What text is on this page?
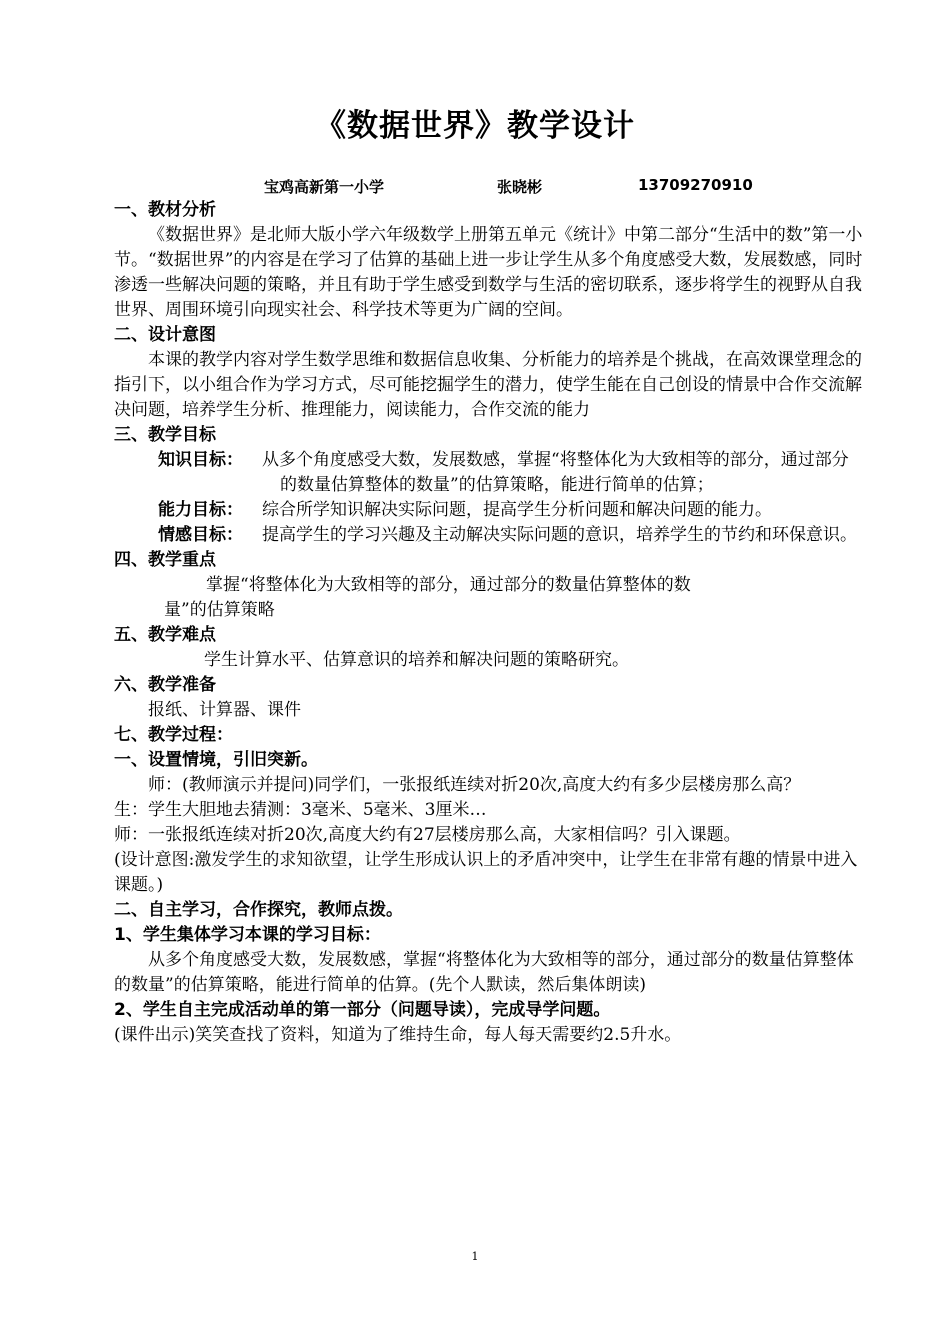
《数据世界》教学设计
宝鸡高新第一小学	张晓彬	13709270910

一、教材分析

《数据世界》是北师大版小学六年级数学上册第五单元《统计》中第二部分“生活中的数”第一小节。“数据世界”的内容是在学习了估算的基础上进一步让学生从多个角度感受大数，发展数感，同时渗透一些解决问题的策略，并且有助于学生感受到数学与生活的密切联系，逐步将学生的视野从自我世界、周围环境引向现实社会、科学技术等更为广阔的空间。

二、设计意图

本课的教学内容对学生数学思维和数据信息收集、分析能力的培养是个挑战，在高效课堂理念的指引下，以小组合作为学习方式，尽可能挖掘学生的潜力，使学生能在自己创设的情景中合作交流解决问题，培养学生分析、推理能力，阅读能力，合作交流的能力

三、教学目标

知识目标： 从多个角度感受大数，发展数感，掌握“将整体化为大致相等的部分，通过部分的数量估算整体的数量”的估算策略，能进行简单的估算；
能力目标： 综合所学知识解决实际问题，提高学生分析问题和解决问题的能力。
情感目标： 提高学生的学习兴趣及主动解决实际问题的意识，培养学生的节约和环保意识。

四、教学重点

掌握“将整体化为大致相等的部分，通过部分的数量估算整体的数

量”的估算策略

五、教学难点

学生计算水平、估算意识的培养和解决问题的策略研究。

六、教学准备

报纸、计算器、课件

七、教学过程：

一、设置情境，引旧突新。

师：(教师演示并提问)同学们，一张报纸连续对折20次,高度大约有多少层楼房那么高？

生：学生大胆地去猜测：3毫米、5毫米、3厘米…

师：一张报纸连续对折20次,高度大约有27层楼房那么高，大家相信吗？引入课题。

(设计意图:激发学生的求知欲望，让学生形成认识上的矛盾冲突中，让学生在非常有趣的情景中进入课题。)

二、自主学习，合作探究，教师点拨。

1、学生集体学习本课的学习目标：

从多个角度感受大数，发展数感，掌握“将整体化为大致相等的部分，通过部分的数量估算整体的数量”的估算策略，能进行简单的估算。(先个人默读，然后集体朗读)

2、学生自主完成活动单的第一部分（问题导读），完成导学问题。

(课件出示)笑笑查找了资料，知道为了维持生命，每人每天需要约2.5升水。

1
